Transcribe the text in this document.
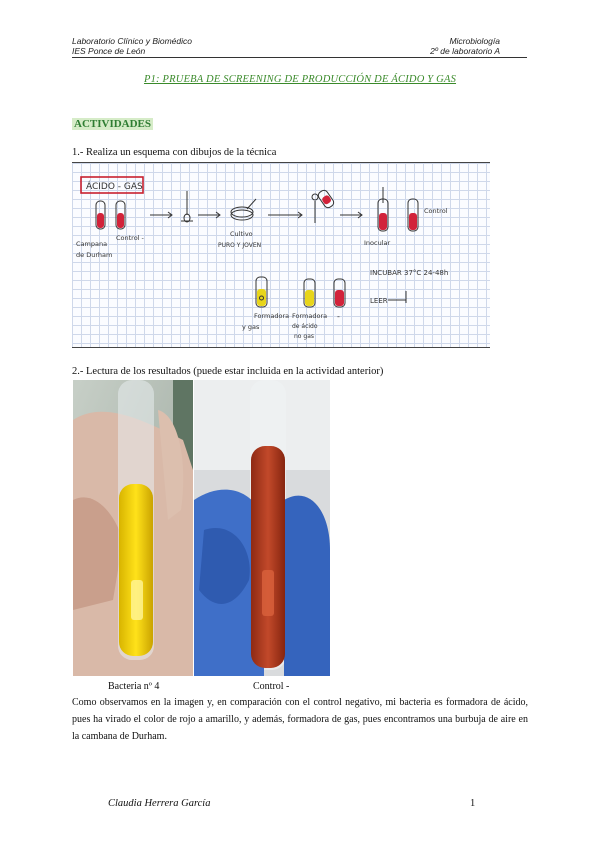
Laboratorio Clínico y Biomédico
IES Ponce de León
Microbiología
2º de laboratorio A
P1: PRUEBA DE SCREENING DE PRODUCCIÓN DE ÁCIDO Y GAS
ACTIVIDADES
1.- Realiza un esquema con dibujos de la técnica
ÁCIDO - GAS
Campana
de Durham
Control -	Cultivo
PURO Y JOVEN
Control
Inocular
INCUBAR 37°C 24-48h
Formadora
y gas
Formadora
de ácido
no gas
-
LEER
2.- Lectura de los resultados (puede estar incluida en la actividad anterior)
Bacteria nº 4	Control -
Como observamos en la imagen y, en comparación con el control negativo, mi bacteria es formadora de ácido, pues ha virado el color de rojo a amarillo, y además, formadora de gas, pues encontramos una burbuja de aire en la cambana de Durham.
Claudia Herrera García	1
